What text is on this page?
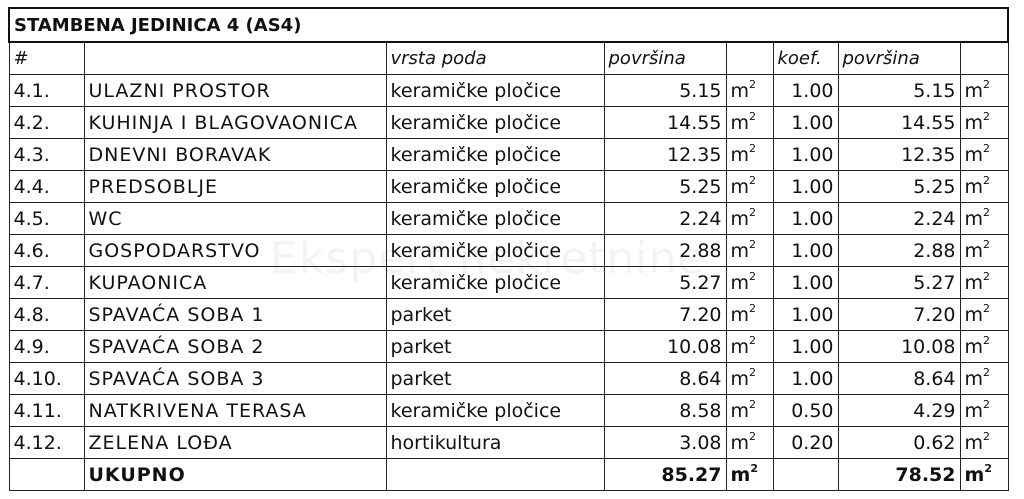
STAMBENA JEDINICA 4 (AS4)							
#		vrsta poda	površina		koef.	površina	
4.1.	ULAZNI PROSTOR	keramičke pločice	5.15	$m^2$	1.00	5.15	$m^2$
4.2.	KUHINJA I BLAGOVAONICA	keramičke pločice	14.55	$m^2$	1.00	14.55	$m^2$
4.3.	DNEVNI BORAVAK	keramičke pločice	12.35	$m^2$	1.00	12.35	$m^2$
4.4.	PREDSOBLJE	keramičke pločice	5.25	$m^2$	1.00	5.25	$m^2$
4.5.	WC	keramičke pločice	2.24	$m^2$	1.00	2.24	$m^2$
4.6.	GOSPODARSTVO	keramičke pločice	2.88	$m^2$	1.00	2.88	$m^2$
4.7.	KUPAONICA	keramičke pločice	5.27	$m^2$	1.00	5.27	$m^2$
4.8.	SPAVAĆA SOBA 1	parket	7.20	$m^2$	1.00	7.20	$m^2$
4.9.	SPAVAĆA SOBA 2	parket	10.08	$m^2$	1.00	10.08	$m^2$
4.10.	SPAVAĆA SOBA 3	parket	8.64	$m^2$	1.00	8.64	$m^2$
4.11.	NATKRIVENA TERASA	keramičke pločice	8.58	$m^2$	0.50	4.29	$m^2$
4.12.	ZELENA LOĐA	hortikultura	3.08	$m^2$	0.20	0.62	$m^2$
	UKUPNO		85.27	$m^2$		78.52	$m^2$
